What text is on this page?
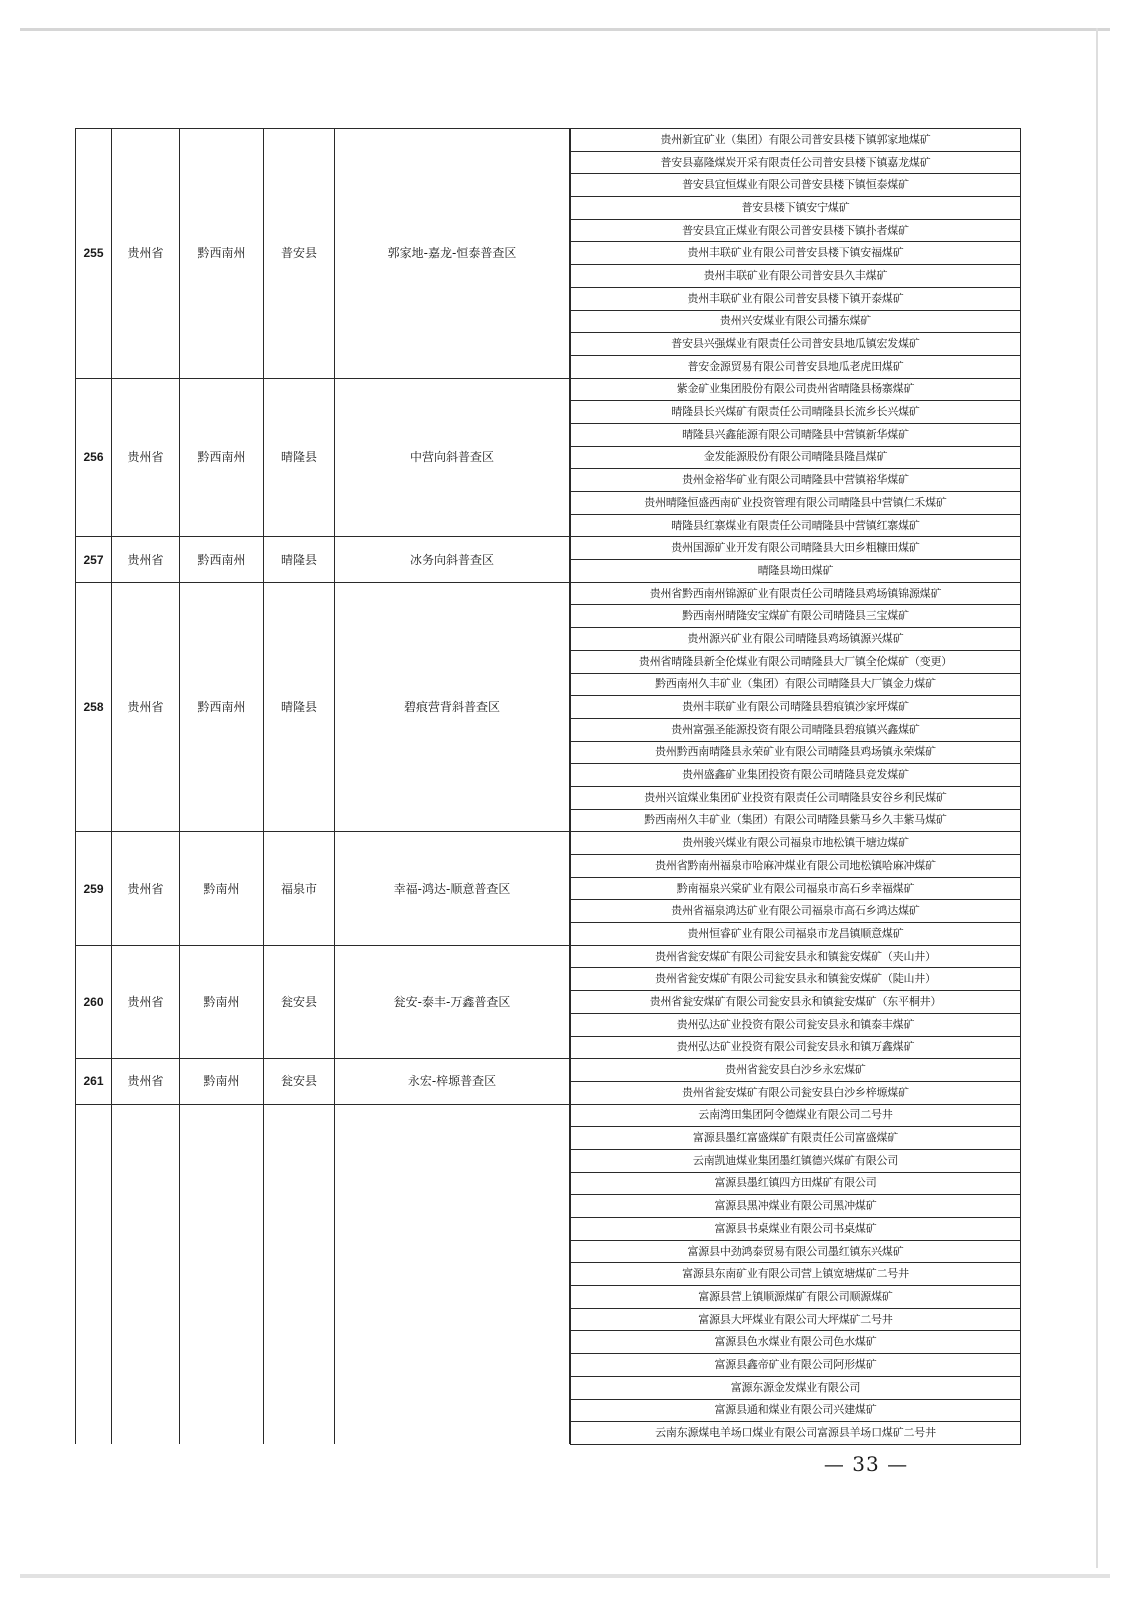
255	贵州省	黔西南州	普安县	郭家地-嘉龙-恒泰普查区		贵州新宜矿业（集团）有限公司普安县楼下镇郭家地煤矿
					普安县嘉隆煤炭开采有限责任公司普安县楼下镇嘉龙煤矿
					普安县宜恒煤业有限公司普安县楼下镇恒泰煤矿
					普安县楼下镇安宁煤矿
					普安县宜正煤业有限公司普安县楼下镇扑者煤矿
					贵州丰联矿业有限公司普安县楼下镇安福煤矿
					贵州丰联矿业有限公司普安县久丰煤矿
					贵州丰联矿业有限公司普安县楼下镇开泰煤矿
					贵州兴安煤业有限公司播东煤矿
					普安县兴强煤业有限责任公司普安县地瓜镇宏发煤矿
					普安金源贸易有限公司普安县地瓜老虎田煤矿
256	贵州省	黔西南州	晴隆县	中营向斜普查区		紫金矿业集团股份有限公司贵州省晴隆县杨寨煤矿
					晴隆县长兴煤矿有限责任公司晴隆县长流乡长兴煤矿
					晴隆县兴鑫能源有限公司晴隆县中营镇新华煤矿
					金发能源股份有限公司晴隆县隆昌煤矿
					贵州金裕华矿业有限公司晴隆县中营镇裕华煤矿
					贵州晴隆恒盛西南矿业投资管理有限公司晴隆县中营镇仁禾煤矿
					晴隆县红寨煤业有限责任公司晴隆县中营镇红寨煤矿
257	贵州省	黔西南州	晴隆县	冰务向斜普查区		贵州国源矿业开发有限公司晴隆县大田乡粗糠田煤矿
					晴隆县坳田煤矿
258	贵州省	黔西南州	晴隆县	碧痕营背斜普查区		贵州省黔西南州锦源矿业有限责任公司晴隆县鸡场镇锦源煤矿
					黔西南州晴隆安宝煤矿有限公司晴隆县三宝煤矿
					贵州源兴矿业有限公司晴隆县鸡场镇源兴煤矿
					贵州省晴隆县新全伦煤业有限公司晴隆县大厂镇全伦煤矿（变更）
					黔西南州久丰矿业（集团）有限公司晴隆县大厂镇金力煤矿
					贵州丰联矿业有限公司晴隆县碧痕镇沙家坪煤矿
					贵州富强圣能源投资有限公司晴隆县碧痕镇兴鑫煤矿
					贵州黔西南晴隆县永荣矿业有限公司晴隆县鸡场镇永荣煤矿
					贵州盛鑫矿业集团投资有限公司晴隆县竞发煤矿
					贵州兴谊煤业集团矿业投资有限责任公司晴隆县安谷乡利民煤矿
					黔西南州久丰矿业（集团）有限公司晴隆县紫马乡久丰紫马煤矿
259	贵州省	黔南州	福泉市	幸福-鸿达-顺意普查区		贵州骏兴煤业有限公司福泉市地松镇干塘边煤矿
					贵州省黔南州福泉市哈麻冲煤业有限公司地松镇哈麻冲煤矿
					黔南福泉兴棠矿业有限公司福泉市高石乡幸福煤矿
					贵州省福泉鸿达矿业有限公司福泉市高石乡鸿达煤矿
					贵州恒睿矿业有限公司福泉市龙昌镇顺意煤矿
260	贵州省	黔南州	瓮安县	瓮安-泰丰-万鑫普查区		贵州省瓮安煤矿有限公司瓮安县永和镇瓮安煤矿（夹山井）
					贵州省瓮安煤矿有限公司瓮安县永和镇瓮安煤矿（陡山井）
					贵州省瓮安煤矿有限公司瓮安县永和镇瓮安煤矿（东平桐井）
					贵州弘达矿业投资有限公司瓮安县永和镇泰丰煤矿
					贵州弘达矿业投资有限公司瓮安县永和镇万鑫煤矿
261	贵州省	黔南州	瓮安县	永宏-梓塬普查区		贵州省瓮安县白沙乡永宏煤矿
					贵州省瓮安煤矿有限公司瓮安县白沙乡梓塬煤矿
						云南湾田集团阿令德煤业有限公司二号井
					富源县墨红富盛煤矿有限责任公司富盛煤矿
					云南凯迪煤业集团墨红镇德兴煤矿有限公司
					富源县墨红镇四方田煤矿有限公司
					富源县黑冲煤业有限公司黑冲煤矿
					富源县书桌煤业有限公司书桌煤矿
					富源县中劲鸿泰贸易有限公司墨红镇东兴煤矿
					富源县东南矿业有限公司营上镇宽塘煤矿二号井
					富源县营上镇顺源煤矿有限公司顺源煤矿
					富源县大坪煤业有限公司大坪煤矿二号井
					富源县色水煤业有限公司色水煤矿
					富源县鑫帝矿业有限公司阿形煤矿
					富源东源金发煤业有限公司
					富源县通和煤业有限公司兴建煤矿
					云南东源煤电羊场口煤业有限公司富源县羊场口煤矿二号井
— 33 —
